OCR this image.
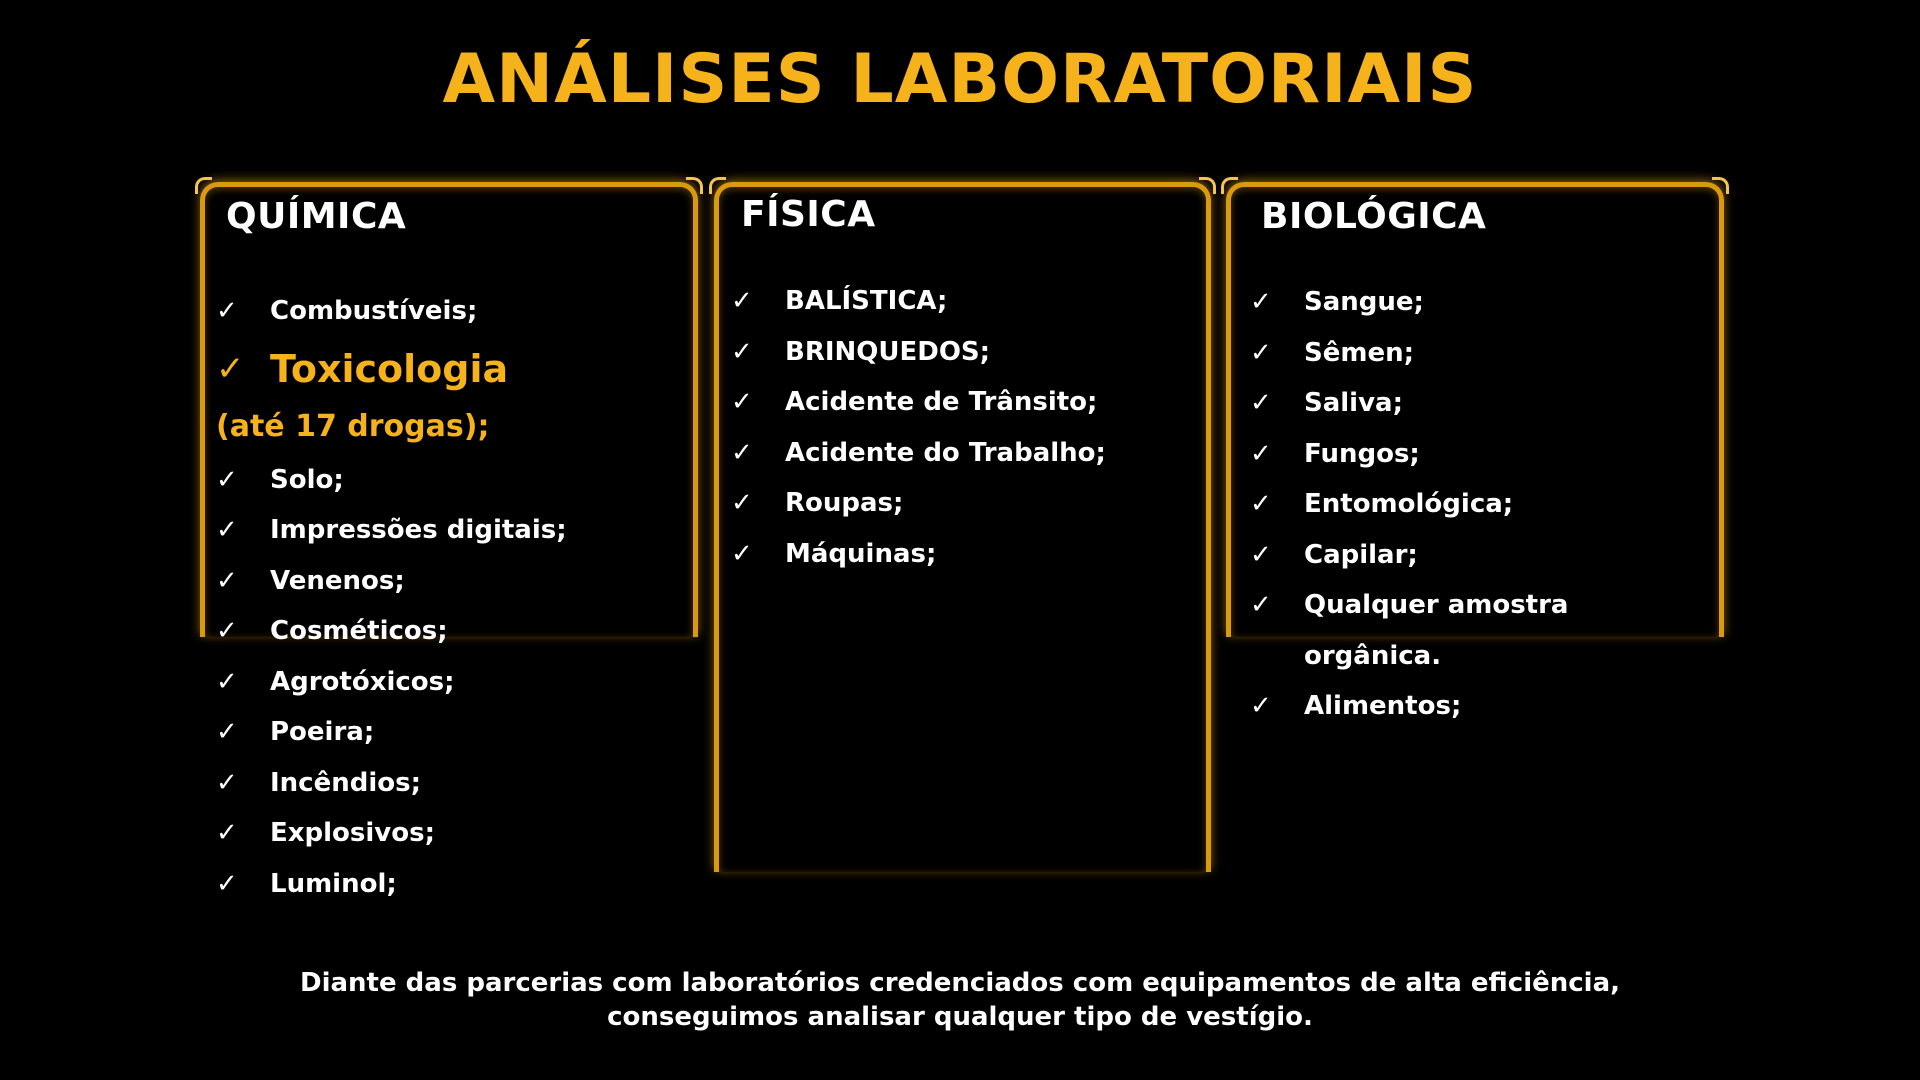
ANÁLISES LABORATORIAIS
QUÍMICA
✓ Combustíveis;
✓ Toxicologia
(até 17 drogas);
✓ Solo;
✓ Impressões digitais;
✓ Venenos;
✓ Cosméticos;
✓ Agrotóxicos;
✓ Poeira;
✓ Incêndios;
✓ Explosivos;
✓ Luminol;
FÍSICA
✓ BALÍSTICA;
✓ BRINQUEDOS;
✓ Acidente de Trânsito;
✓ Acidente do Trabalho;
✓ Roupas;
✓ Máquinas;
BIOLÓGICA
✓ Sangue;
✓ Sêmen;
✓ Saliva;
✓ Fungos;
✓ Entomológica;
✓ Capilar;
✓ Qualquer amostra
orgânica.
✓ Alimentos;
Diante das parcerias com laboratórios credenciados com equipamentos de alta eficiência,
conseguimos analisar qualquer tipo de vestígio.
